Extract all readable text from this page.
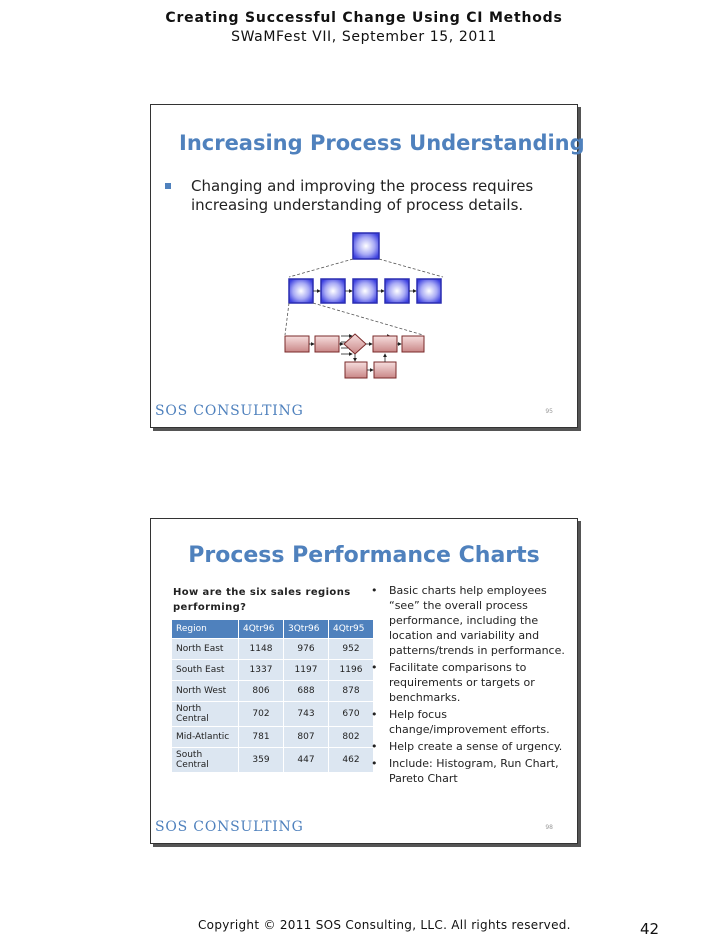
Creating Successful Change Using CI Methods
SWaMFest VII, September 15, 2011
Increasing Process Understanding
Changing and improving the process requires increasing understanding of process details.
SOS CONSULTING	95
Process Performance Charts
How are the six sales regions performing?
Region	4Qtr96	3Qtr96	4Qtr95
North East	1148	976	952
South East	1337	1197	1196
North West	806	688	878
North Central	702	743	670
Mid-Atlantic	781	807	802
South Central	359	447	462
• Basic charts help employees “see” the overall process performance, including the location and variability and patterns/trends in performance.
• Facilitate comparisons to requirements or targets or benchmarks.
• Help focus change/improvement efforts.
• Help create a sense of urgency.
• Include: Histogram, Run Chart, Pareto Chart
SOS CONSULTING	98
Copyright © 2011 SOS Consulting, LLC. All rights reserved.	42
